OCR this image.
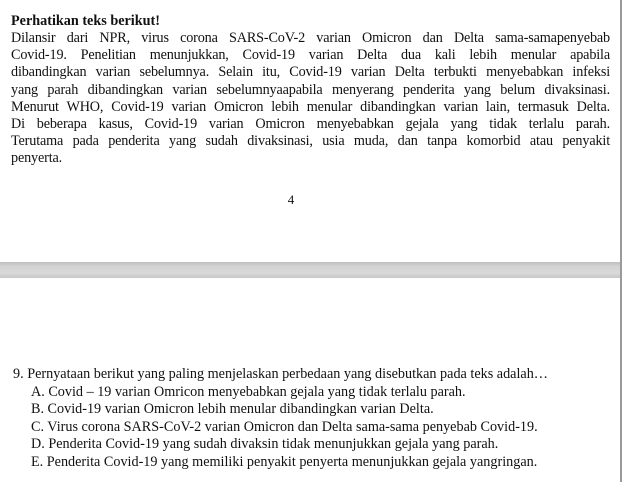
Perhatikan teks berikut!

Dilansir dari NPR, virus corona SARS-CoV-2 varian Omicron dan Delta sama-samapenyebab
Covid-19. Penelitian menunjukkan, Covid-19 varian Delta dua kali lebih menular apabila
dibandingkan varian sebelumnya. Selain itu, Covid-19 varian Delta terbukti menyebabkan infeksi
yang parah dibandingkan varian sebelumnyaapabila menyerang penderita yang belum divaksinasi.
Menurut WHO, Covid-19 varian Omicron lebih menular dibandingkan varian lain, termasuk Delta.
Di beberapa kasus, Covid-19 varian Omicron menyebabkan gejala yang tidak terlalu parah.
Terutama pada penderita yang sudah divaksinasi, usia muda, dan tanpa komorbid atau penyakit
penyerta.
4

9. Pernyataan berikut yang paling menjelaskan perbedaan yang disebutkan pada teks adalah…

A. Covid – 19 varian Omricon menyebabkan gejala yang tidak terlalu parah.
B. Covid-19 varian Omicron lebih menular dibandingkan varian Delta.
C. Virus corona SARS-CoV-2 varian Omicron dan Delta sama-sama penyebab Covid-19.
D. Penderita Covid-19 yang sudah divaksin tidak menunjukkan gejala yang parah.
E. Penderita Covid-19 yang memiliki penyakit penyerta menunjukkan gejala yangringan.
